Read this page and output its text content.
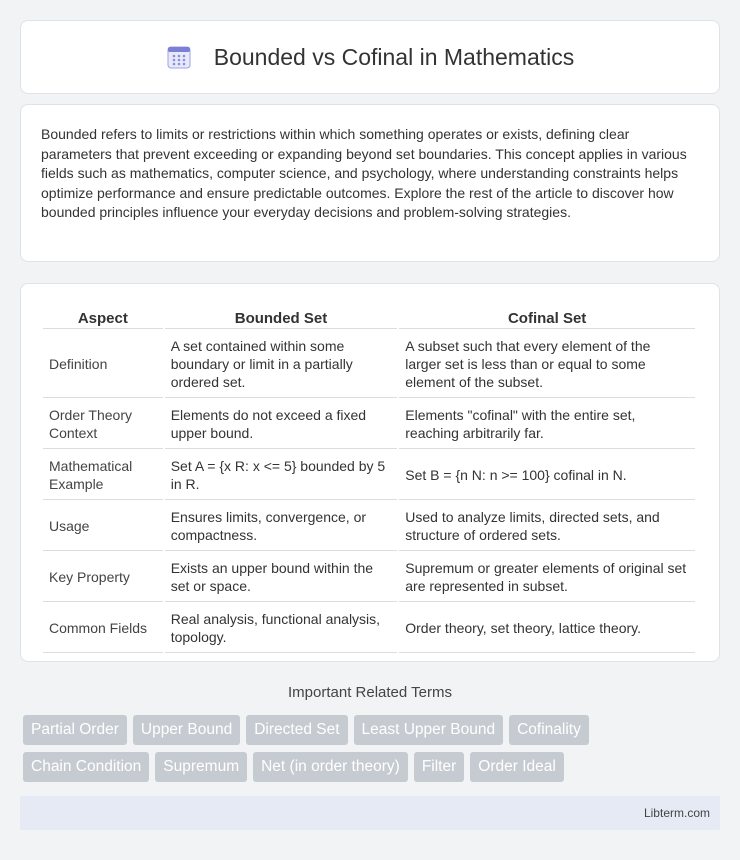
Bounded vs Cofinal in Mathematics

Bounded refers to limits or restrictions within which something operates or exists, defining clear parameters that prevent exceeding or expanding beyond set boundaries. This concept applies in various fields such as mathematics, computer science, and psychology, where understanding constraints helps optimize performance and ensure predictable outcomes. Explore the rest of the article to discover how bounded principles influence your everyday decisions and problem-solving strategies.

Aspect	Bounded Set	Cofinal Set
Definition	A set contained within some boundary or limit in a partially ordered set.	A subset such that every element of the larger set is less than or equal to some element of the subset.
Order Theory Context	Elements do not exceed a fixed upper bound.	Elements "cofinal" with the entire set, reaching arbitrarily far.
Mathematical Example	Set A = {x R: x <= 5} bounded by 5 in R.	Set B = {n N: n >= 100} cofinal in N.
Usage	Ensures limits, convergence, or compactness.	Used to analyze limits, directed sets, and structure of ordered sets.
Key Property	Exists an upper bound within the set or space.	Supremum or greater elements of original set are represented in subset.
Common Fields	Real analysis, functional analysis, topology.	Order theory, set theory, lattice theory.
Important Related Terms
Partial Order	Upper Bound	Directed Set	Least Upper Bound	Cofinality
Chain Condition	Supremum	Net (in order theory)	Filter	Order Ideal
Libterm.com
